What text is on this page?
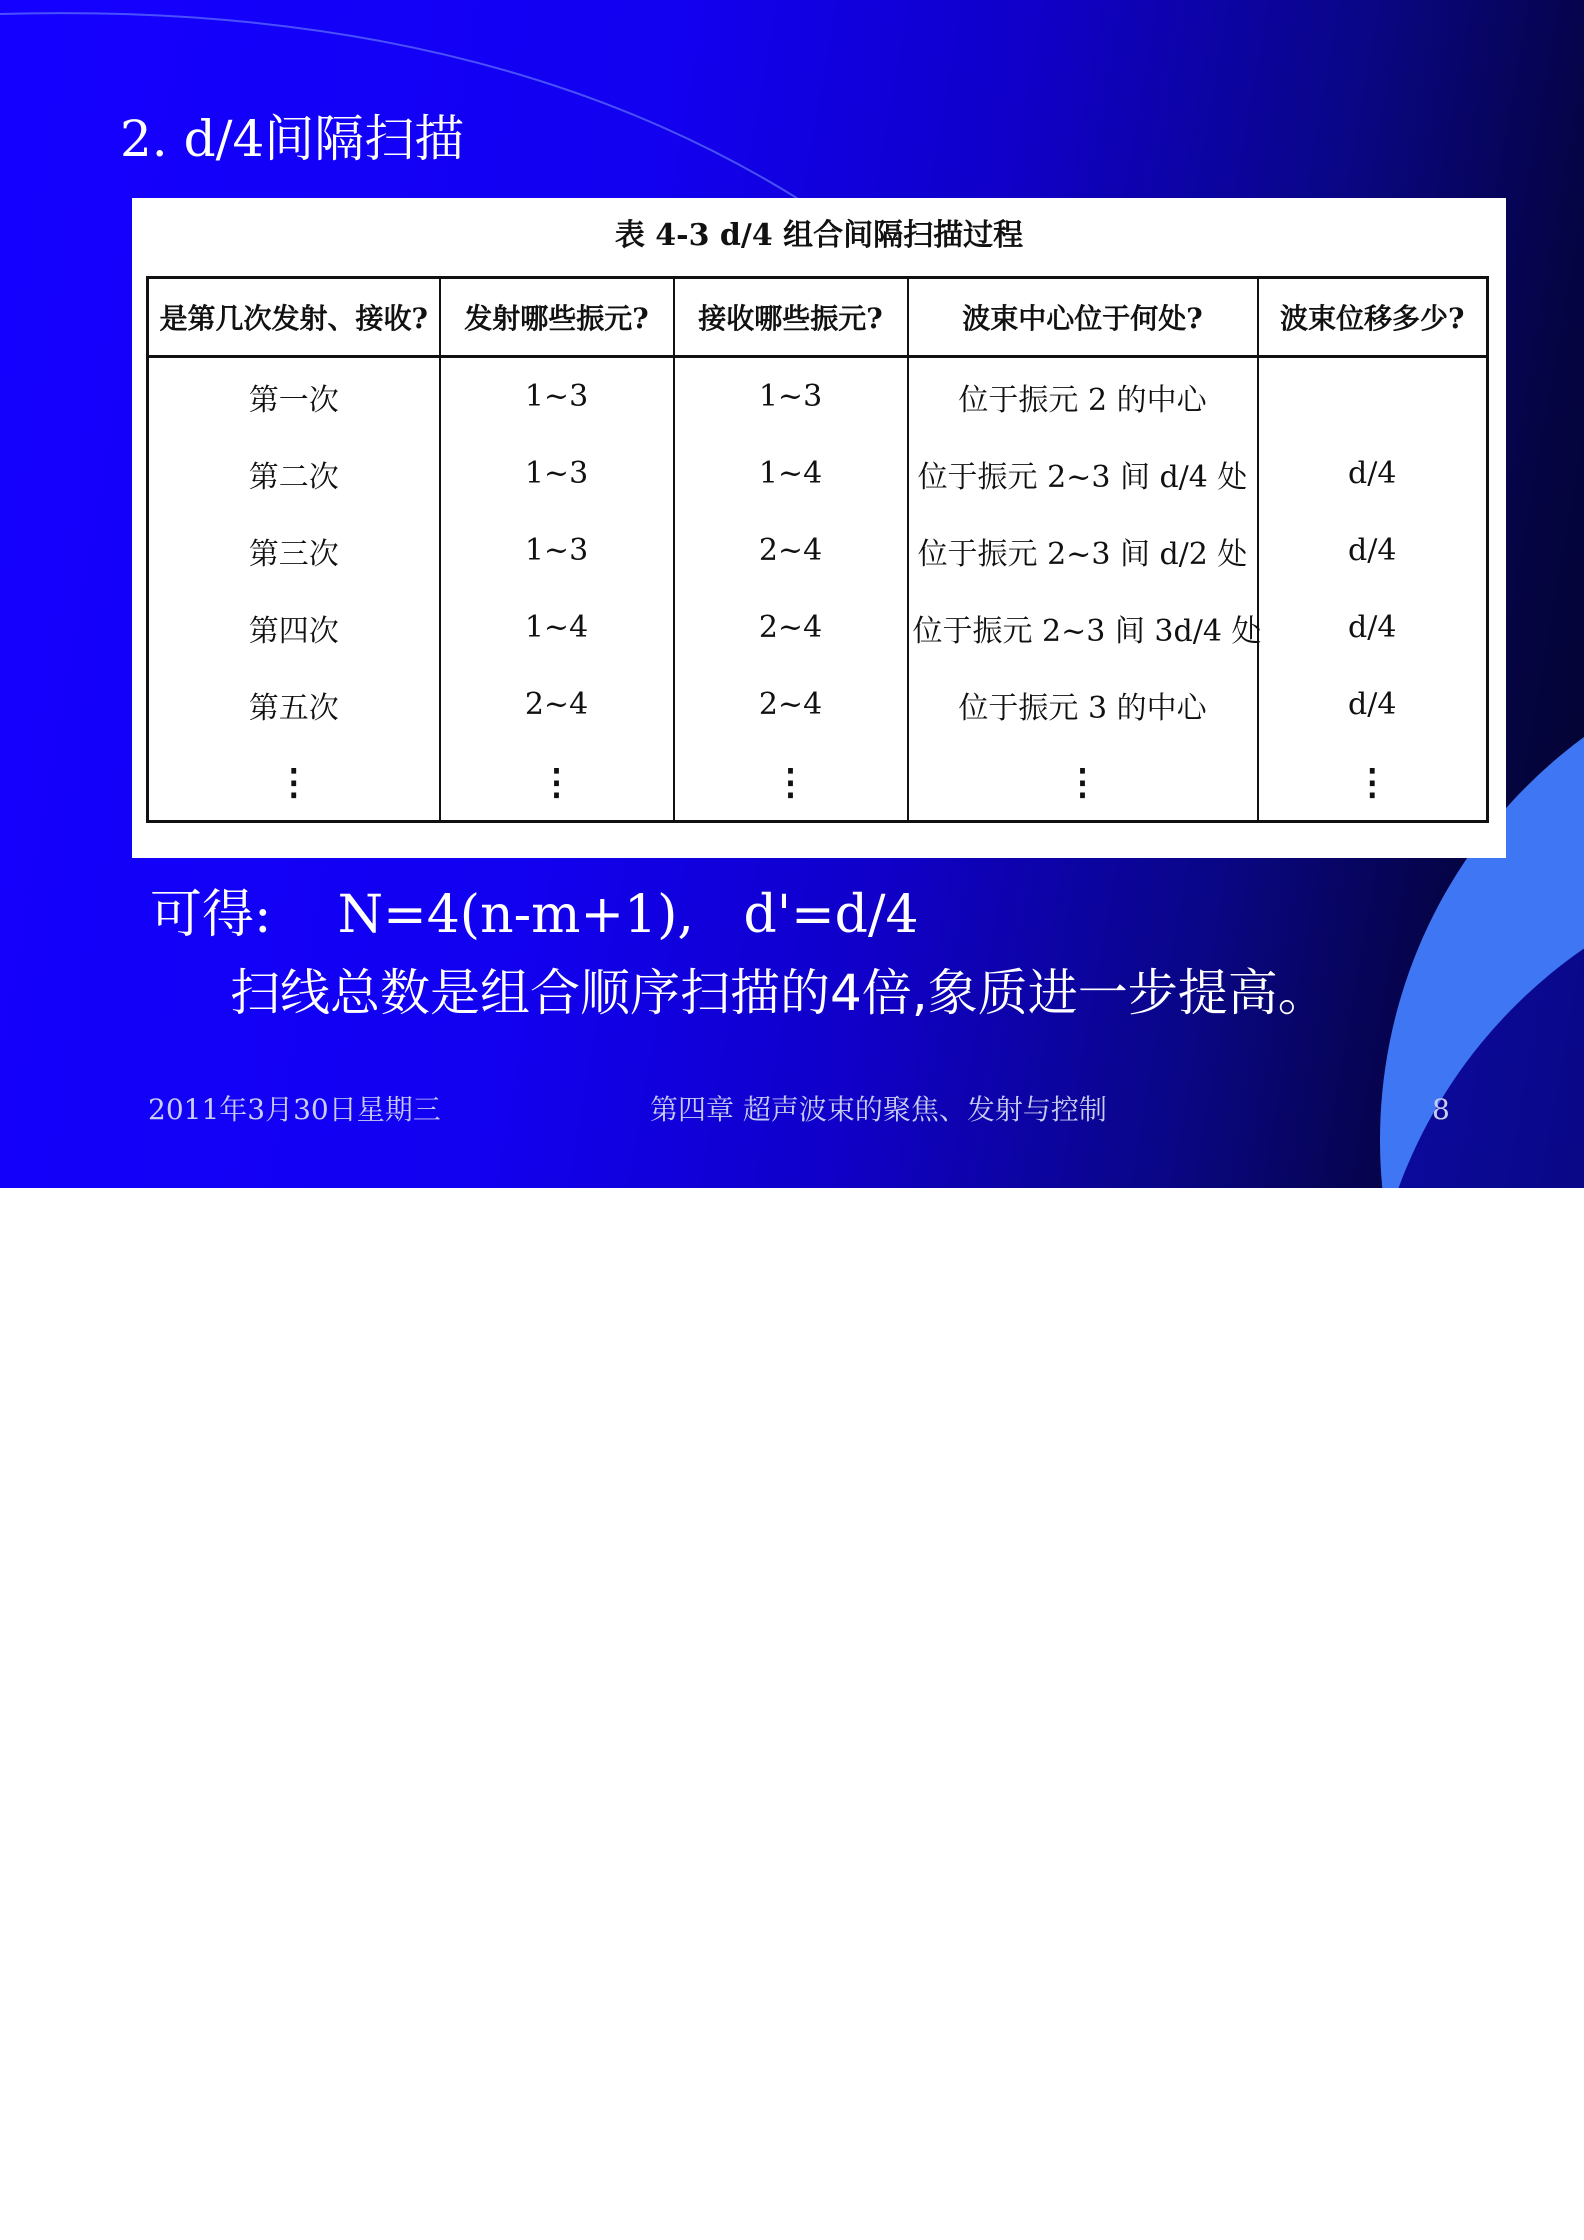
2. d/4间隔扫描
表 4-3 d/4 组合间隔扫描过程
是第几次发射、接收?	发射哪些振元?	接收哪些振元?	波束中心位于何处?	波束位移多少?
第一次	1~3	1~3	位于振元 2 的中心	
第二次	1~3	1~4	位于振元 2~3 间 d/4 处	d/4
第三次	1~3	2~4	位于振元 2~3 间 d/2 处	d/4
第四次	1~4	2~4	位于振元 2~3 间 3d/4 处	d/4
第五次	2~4	2~4	位于振元 3 的中心	d/4
⋮	⋮	⋮	⋮	⋮
可得: N=4(n-m+1), d'=d/4
扫线总数是组合顺序扫描的4倍,象质进一步提高。
2011年3月30日星期三	第四章 超声波束的聚焦、发射与控制	8
